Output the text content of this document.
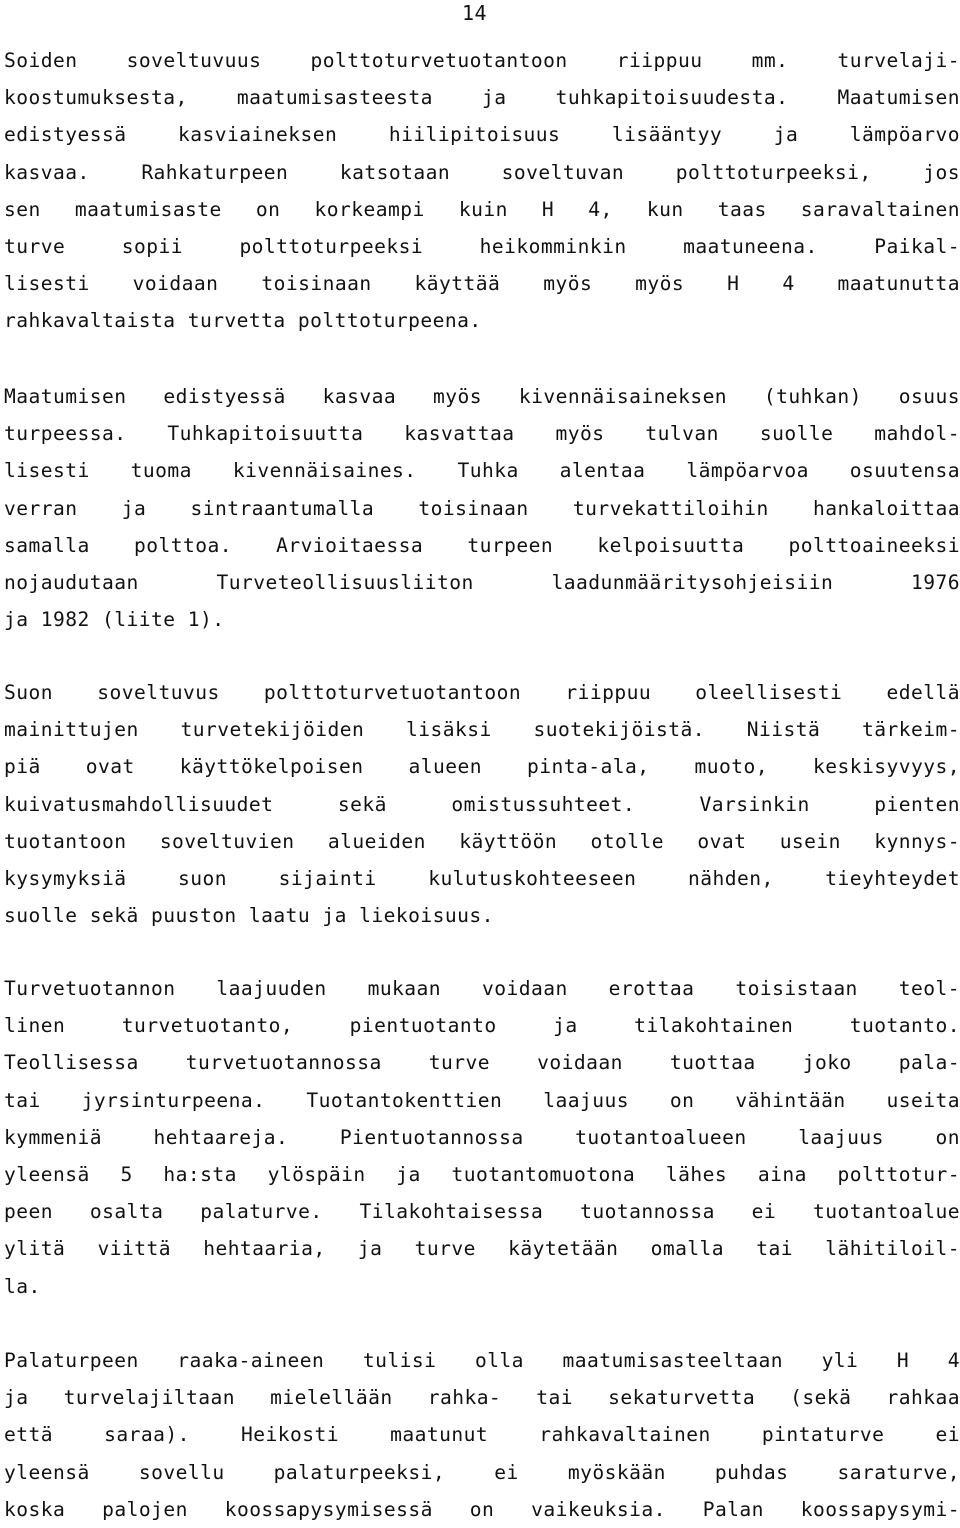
14
Soiden soveltuvuus polttoturvetuotantoon riippuu mm. turvelaji-
koostumuksesta, maatumisasteesta ja tuhkapitoisuudesta. Maatumisen
edistyessä kasviaineksen hiilipitoisuus lisääntyy ja lämpöarvo
kasvaa. Rahkaturpeen katsotaan soveltuvan polttoturpeeksi, jos
sen maatumisaste on korkeampi kuin H 4, kun taas saravaltainen
turve sopii polttoturpeeksi heikomminkin maatuneena. Paikal-
lisesti voidaan toisinaan käyttää myös myös H 4 maatunutta
rahkavaltaista turvetta polttoturpeena.
Maatumisen edistyessä kasvaa myös kivennäisaineksen (tuhkan) osuus
turpeessa. Tuhkapitoisuutta kasvattaa myös tulvan suolle mahdol-
lisesti tuoma kivennäisaines. Tuhka alentaa lämpöarvoa osuutensa
verran ja sintraantumalla toisinaan turvekattiloihin hankaloittaa
samalla polttoa. Arvioitaessa turpeen kelpoisuutta polttoaineeksi
nojaudutaan Turveteollisuusliiton laadunmääritysohjeisiin 1976
ja 1982 (liite 1).
Suon soveltuvus polttoturvetuotantoon riippuu oleellisesti edellä
mainittujen turvetekijöiden lisäksi suotekijöistä. Niistä tärkeim-
piä ovat käyttökelpoisen alueen pinta-ala, muoto, keskisyvyys,
kuivatusmahdollisuudet sekä omistussuhteet. Varsinkin pienten
tuotantoon soveltuvien alueiden käyttöön otolle ovat usein kynnys-
kysymyksiä suon sijainti kulutuskohteeseen nähden, tieyhteydet
suolle sekä puuston laatu ja liekoisuus.
Turvetuotannon laajuuden mukaan voidaan erottaa toisistaan teol-
linen turvetuotanto, pientuotanto ja tilakohtainen tuotanto.
Teollisessa turvetuotannossa turve voidaan tuottaa joko pala-
tai jyrsinturpeena. Tuotantokenttien laajuus on vähintään useita
kymmeniä hehtaareja. Pientuotannossa tuotantoalueen laajuus on
yleensä 5 ha:sta ylöspäin ja tuotantomuotona lähes aina polttotur-
peen osalta palaturve. Tilakohtaisessa tuotannossa ei tuotantoalue
ylitä viittä hehtaaria, ja turve käytetään omalla tai lähitiloil-
la.
Palaturpeen raaka-aineen tulisi olla maatumisasteeltaan yli H 4
ja turvelajiltaan mielellään rahka- tai sekaturvetta (sekä rahkaa
että saraa). Heikosti maatunut rahkavaltainen pintaturve ei
yleensä sovellu palaturpeeksi, ei myöskään puhdas saraturve,
koska palojen koossapysymisessä on vaikeuksia. Palan koossapysymi-
